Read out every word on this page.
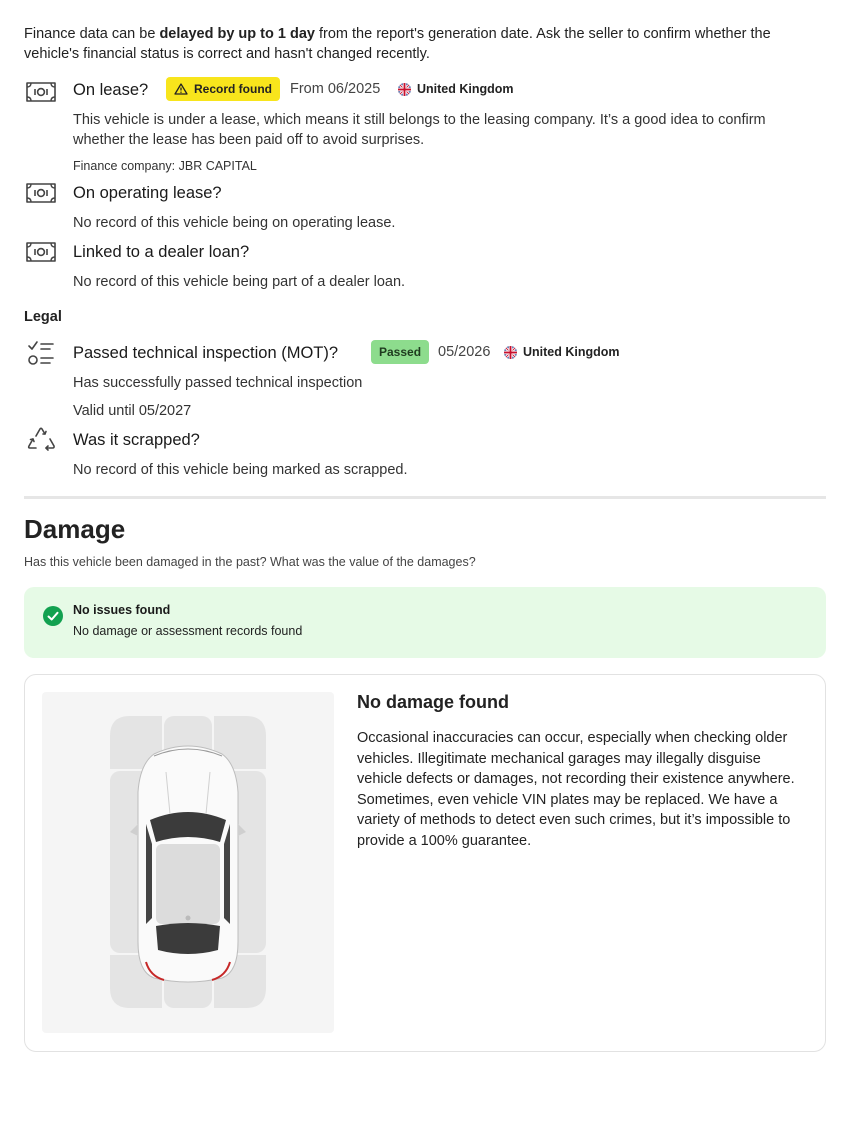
Finance data can be delayed by up to 1 day from the report's generation date. Ask the seller to confirm whether the vehicle's financial status is correct and hasn't changed recently.
On lease?	Record found From 06/2025	United Kingdom
This vehicle is under a lease, which means it still belongs to the leasing company. It’s a good idea to confirm whether the lease has been paid off to avoid surprises.
Finance company: JBR CAPITAL
On operating lease?
No record of this vehicle being on operating lease.
Linked to a dealer loan?
No record of this vehicle being part of a dealer loan.
Legal
Passed technical inspection (MOT)?	Passed	05/2026	United Kingdom
Has successfully passed technical inspection
Valid until 05/2027
Was it scrapped?
No record of this vehicle being marked as scrapped.
Damage
Has this vehicle been damaged in the past? What was the value of the damages?
No issues found
No damage or assessment records found
No damage found
Occasional inaccuracies can occur, especially when checking older vehicles. Illegitimate mechanical garages may illegally disguise vehicle defects or damages, not recording their existence anywhere. Sometimes, even vehicle VIN plates may be replaced. We have a variety of methods to detect even such crimes, but it’s impossible to provide a 100% guarantee.
